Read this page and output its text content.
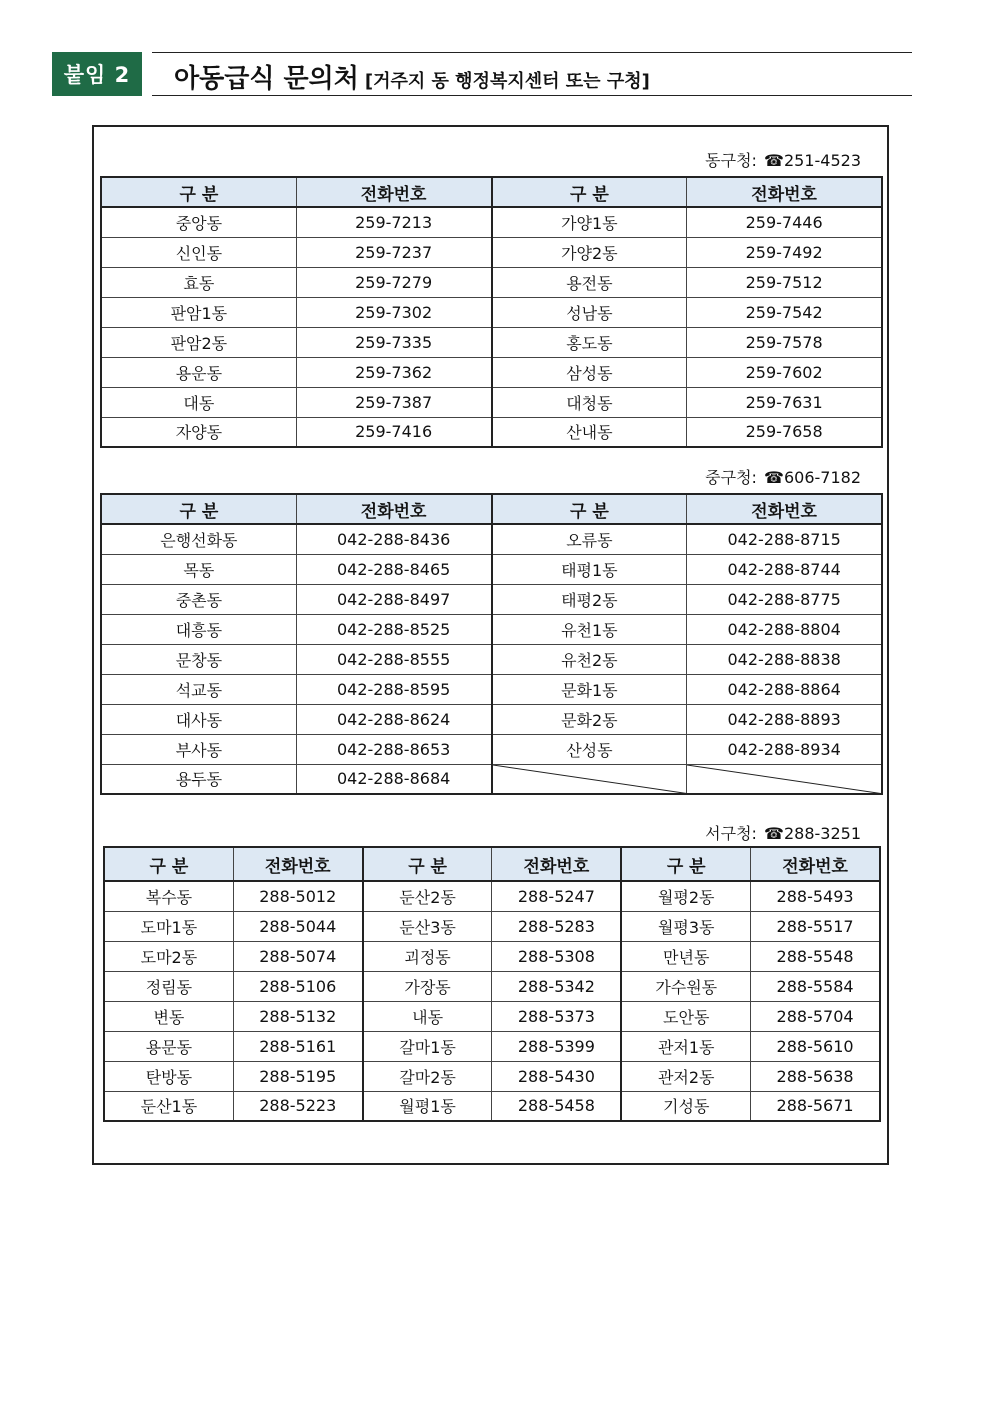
붙임 2	아동급식 문의처 [거주지 동 행정복지센터 또는 구청]
동구청: ☎251-4523
구 분	전화번호	구 분	전화번호
중앙동	259-7213	가양1동	259-7446
신인동	259-7237	가양2동	259-7492
효동	259-7279	용전동	259-7512
판암1동	259-7302	성남동	259-7542
판암2동	259-7335	홍도동	259-7578
용운동	259-7362	삼성동	259-7602
대동	259-7387	대청동	259-7631
자양동	259-7416	산내동	259-7658
중구청: ☎606-7182
구 분	전화번호	구 분	전화번호
은행선화동	042-288-8436	오류동	042-288-8715
목동	042-288-8465	태평1동	042-288-8744
중촌동	042-288-8497	태평2동	042-288-8775
대흥동	042-288-8525	유천1동	042-288-8804
문창동	042-288-8555	유천2동	042-288-8838
석교동	042-288-8595	문화1동	042-288-8864
대사동	042-288-8624	문화2동	042-288-8893
부사동	042-288-8653	산성동	042-288-8934
용두동	042-288-8684	

서구청: ☎288-3251
구 분	전화번호	구 분	전화번호	구 분	전화번호
복수동	288-5012	둔산2동	288-5247	월평2동	288-5493
도마1동	288-5044	둔산3동	288-5283	월평3동	288-5517
도마2동	288-5074	괴정동	288-5308	만년동	288-5548
정림동	288-5106	가장동	288-5342	가수원동	288-5584
변동	288-5132	내동	288-5373	도안동	288-5704
용문동	288-5161	갈마1동	288-5399	관저1동	288-5610
탄방동	288-5195	갈마2동	288-5430	관저2동	288-5638
둔산1동	288-5223	월평1동	288-5458	기성동	288-5671
